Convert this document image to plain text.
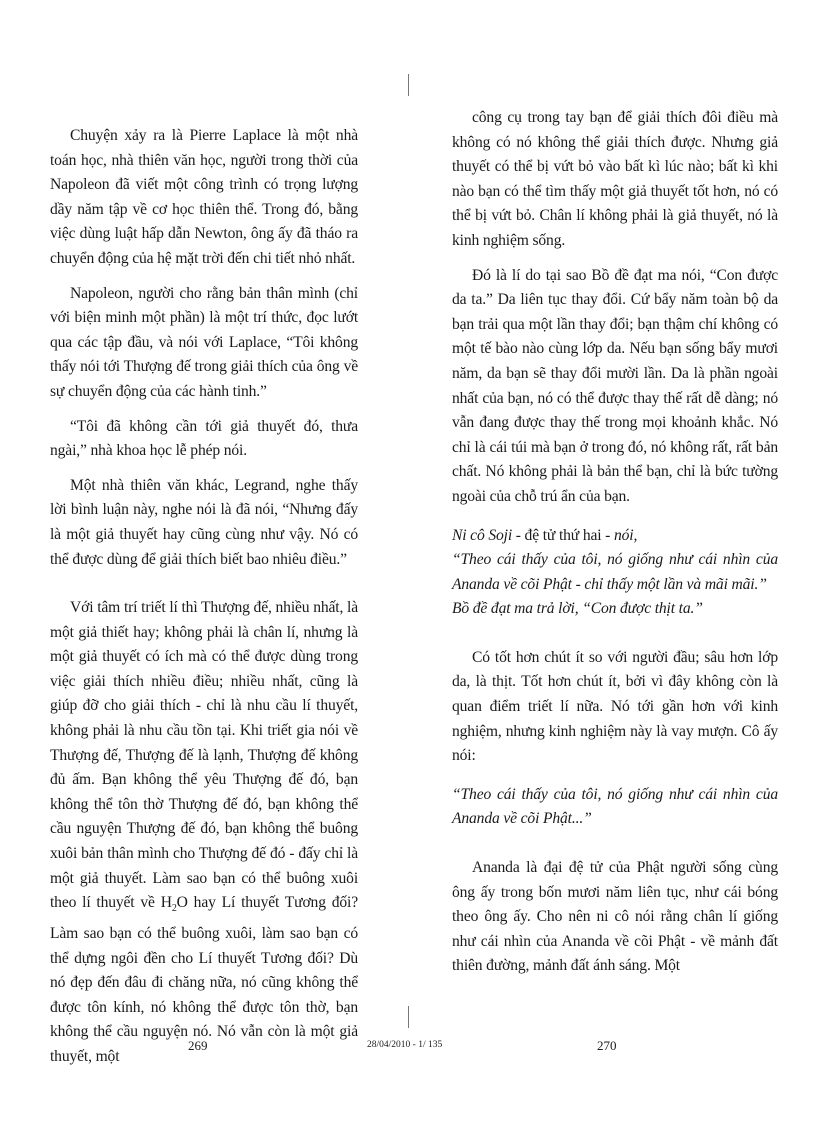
Chuyện xảy ra là Pierre Laplace là một nhà toán học, nhà thiên văn học, người trong thời của Napoleon đã viết một công trình có trọng lượng dầy năm tập về cơ học thiên thể. Trong đó, bằng việc dùng luật hấp dẫn Newton, ông ấy đã tháo ra chuyển động của hệ mặt trời đến chi tiết nhỏ nhất.

Napoleon, người cho rằng bản thân mình (chỉ với biện minh một phần) là một trí thức, đọc lướt qua các tập đầu, và nói với Laplace, “Tôi không thấy nói tới Thượng đế trong giải thích của ông về sự chuyển động của các hành tinh.”

“Tôi đã không cần tới giả thuyết đó, thưa ngài,” nhà khoa học lễ phép nói.

Một nhà thiên văn khác, Legrand, nghe thấy lời bình luận này, nghe nói là đã nói, “Nhưng đấy là một giả thuyết hay cũng cùng như vậy. Nó có thể được dùng để giải thích biết bao nhiêu điều.”

Với tâm trí triết lí thì Thượng đế, nhiều nhất, là một giả thiết hay; không phải là chân lí, nhưng là một giả thuyết có ích mà có thể được dùng trong việc giải thích nhiều điều; nhiều nhất, cũng là giúp đỡ cho giải thích - chỉ là nhu cầu lí thuyết, không phải là nhu cầu tồn tại. Khi triết gia nói về Thượng đế, Thượng đế là lạnh, Thượng đế không đủ ấm. Bạn không thể yêu Thượng đế đó, bạn không thể tôn thờ Thượng đế đó, bạn không thể cầu nguyện Thượng đế đó, bạn không thể buông xuôi bản thân mình cho Thượng đế đó - đấy chỉ là một giả thuyết. Làm sao bạn có thể buông xuôi theo lí thuyết về $H_2O$ hay Lí thuyết Tương đối? Làm sao bạn có thể buông xuôi, làm sao bạn có thể dựng ngôi đền cho Lí thuyết Tương đối? Dù nó đẹp đến đâu đi chăng nữa, nó cũng không thể được tôn kính, nó không thể được tôn thờ, bạn không thể cầu nguyện nó. Nó vẫn còn là một giả thuyết, một

công cụ trong tay bạn để giải thích đôi điều mà không có nó không thể giải thích được. Nhưng giả thuyết có thể bị vứt bỏ vào bất kì lúc nào; bất kì khi nào bạn có thể tìm thấy một giả thuyết tốt hơn, nó có thể bị vứt bỏ. Chân lí không phải là giả thuyết, nó là kinh nghiệm sống.

Đó là lí do tại sao Bồ đề đạt ma nói, “Con được da ta.” Da liên tục thay đổi. Cứ bẩy năm toàn bộ da bạn trải qua một lần thay đổi; bạn thậm chí không có một tế bào nào cùng lớp da. Nếu bạn sống bẩy mươi năm, da bạn sẽ thay đổi mười lần. Da là phần ngoài nhất của bạn, nó có thể được thay thế rất dễ dàng; nó vẫn đang được thay thế trong mọi khoảnh khắc. Nó chỉ là cái túi mà bạn ở trong đó, nó không rất, rất bản chất. Nó không phải là bản thể bạn, chỉ là bức tường ngoài của chỗ trú ẩn của bạn.

Ni cô Soji - đệ tử thứ hai - nói,
“Theo cái thấy của tôi, nó giống như cái nhìn của Ananda về cõi Phật - chỉ thấy một lần và mãi mãi.”
Bồ đề đạt ma trả lời, “Con được thịt ta.”

Có tốt hơn chút ít so với người đầu; sâu hơn lớp da, là thịt. Tốt hơn chút ít, bởi vì đây không còn là quan điểm triết lí nữa. Nó tới gần hơn với kinh nghiệm, nhưng kinh nghiệm này là vay mượn. Cô ấy nói:

“Theo cái thấy của tôi, nó giống như cái nhìn của Ananda về cõi Phật...”

Ananda là đại đệ tử của Phật người sống cùng ông ấy trong bốn mươi năm liên tục, như cái bóng theo ông ấy. Cho nên ni cô nói rằng chân lí giống như cái nhìn của Ananda về cõi Phật - về mảnh đất thiên đường, mảnh đất ánh sáng. Một

269	28/04/2010 - 1/ 135	270
